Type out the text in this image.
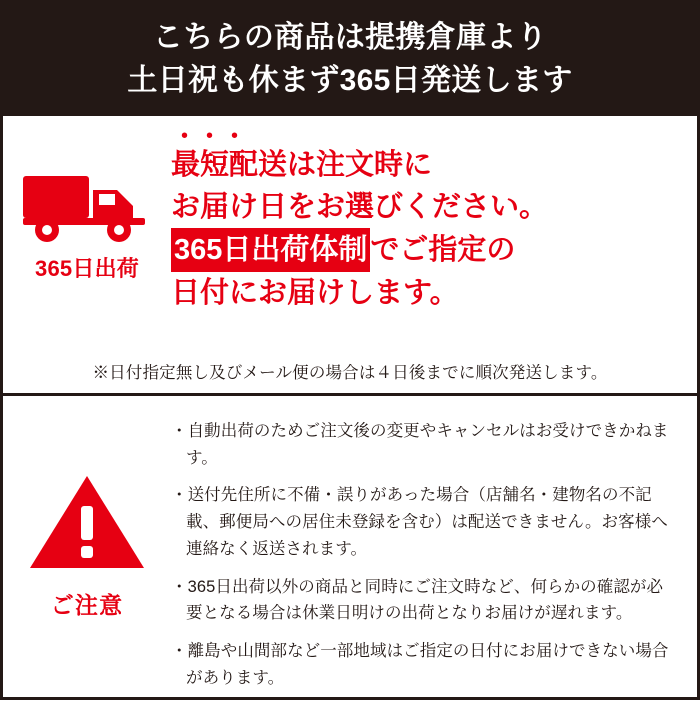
こちらの商品は提携倉庫より
土日祝も休まず365日発送します
365日出荷
•••
最短配送は注文時に
お届け日をお選びください。
365日出荷体制 でご指定の
日付にお届けします。
※日付指定無し及びメール便の場合は４日後までに順次発送します。
ご注意
・ 自動出荷のためご注文後の変更やキャンセルはお受けできかねます。
・ 送付先住所に不備・誤りがあった場合（店舗名・建物名の不記載、郵便局への居住未登録を含む）は配送できません。お客様へ連絡なく返送されます。
・ 365日出荷以外の商品と同時にご注文時など、何らかの確認が必要となる場合は休業日明けの出荷となりお届けが遅れます。
・ 離島や山間部など一部地域はご指定の日付にお届けできない場合があります。
